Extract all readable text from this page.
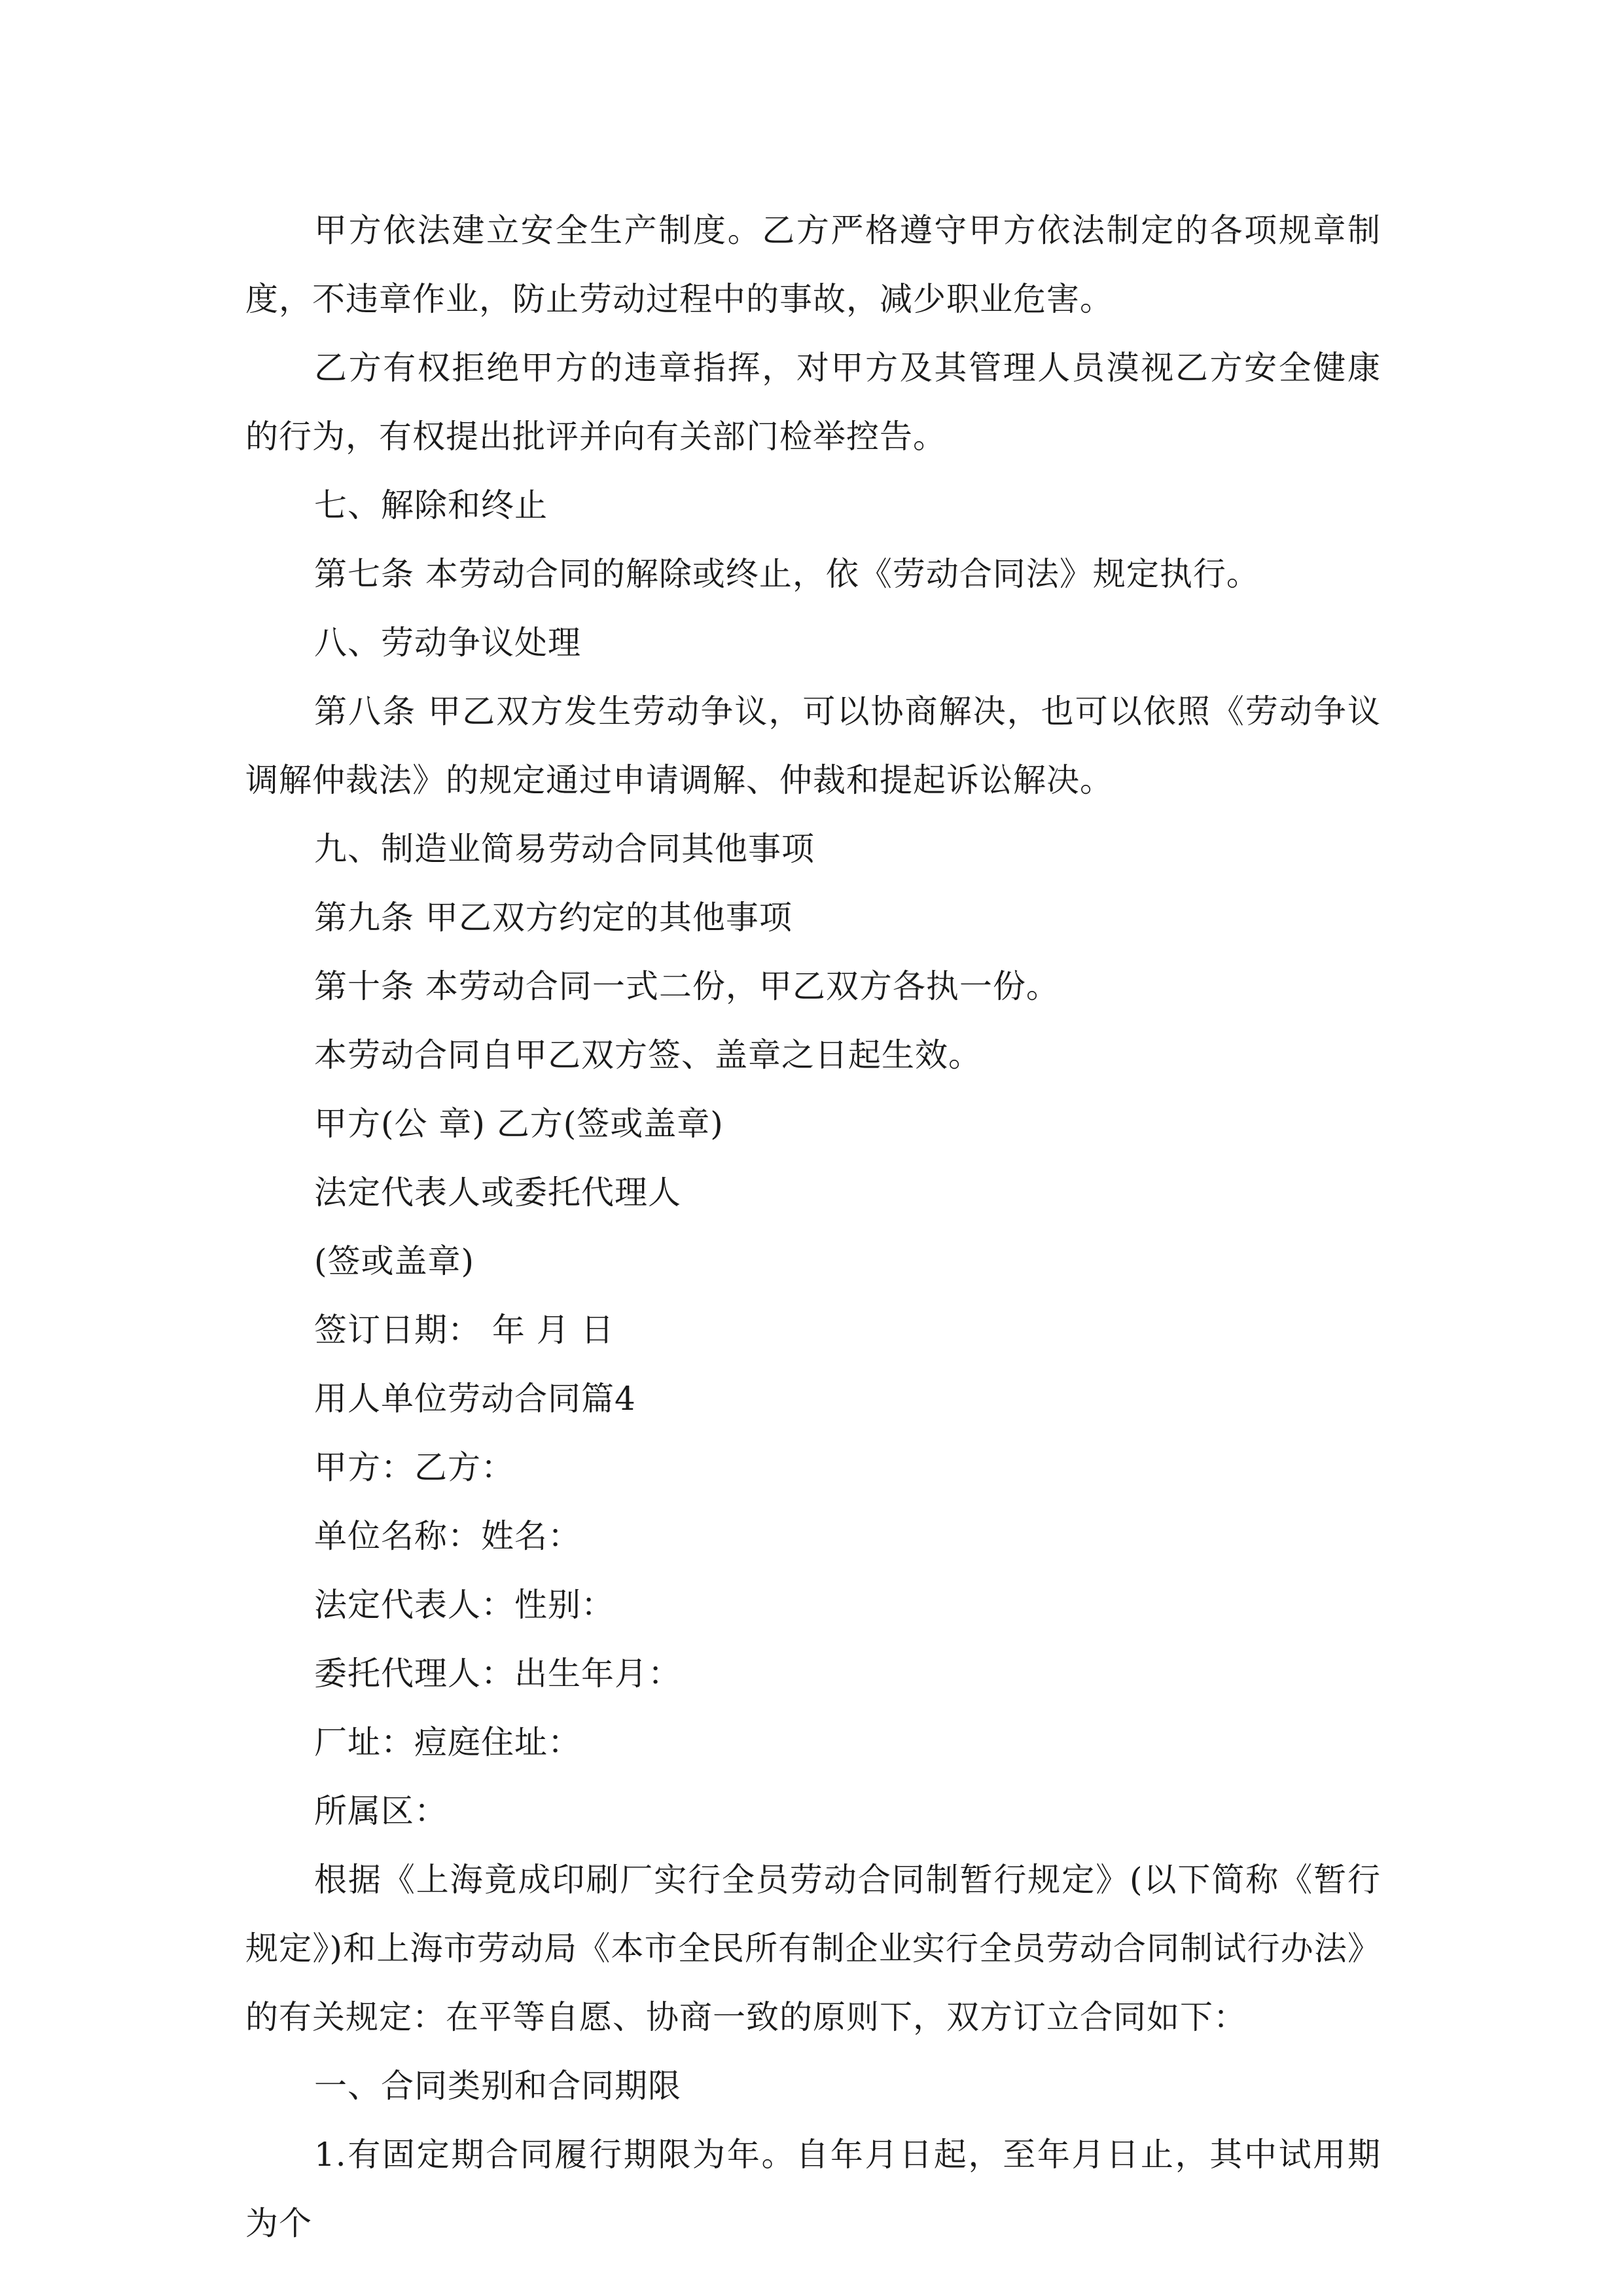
甲方依法建立安全生产制度。乙方严格遵守甲方依法制定的各项规章制度，不违章作业，防止劳动过程中的事故，减少职业危害。

乙方有权拒绝甲方的违章指挥，对甲方及其管理人员漠视乙方安全健康的行为，有权提出批评并向有关部门检举控告。

七、解除和终止

第七条 本劳动合同的解除或终止，依《劳动合同法》规定执行。

八、劳动争议处理

第八条 甲乙双方发生劳动争议，可以协商解决，也可以依照《劳动争议调解仲裁法》的规定通过申请调解、仲裁和提起诉讼解决。

九、制造业简易劳动合同其他事项

第九条 甲乙双方约定的其他事项

第十条 本劳动合同一式二份，甲乙双方各执一份。

本劳动合同自甲乙双方签、盖章之日起生效。

甲方(公 章) 乙方(签或盖章)

法定代表人或委托代理人

(签或盖章)

签订日期： 年 月 日

用人单位劳动合同篇4

甲方：乙方：

单位名称：姓名：

法定代表人：性别：

委托代理人：出生年月：

厂址：痘庭住址：

所属区：

根据《上海竟成印刷厂实行全员劳动合同制暂行规定》(以下简称《暂行规定》)和上海市劳动局《本市全民所有制企业实行全员劳动合同制试行办法》的有关规定：在平等自愿、协商一致的原则下，双方订立合同如下：

一、合同类别和合同期限

1.有固定期合同履行期限为年。自年月日起，至年月日止，其中试用期为个
